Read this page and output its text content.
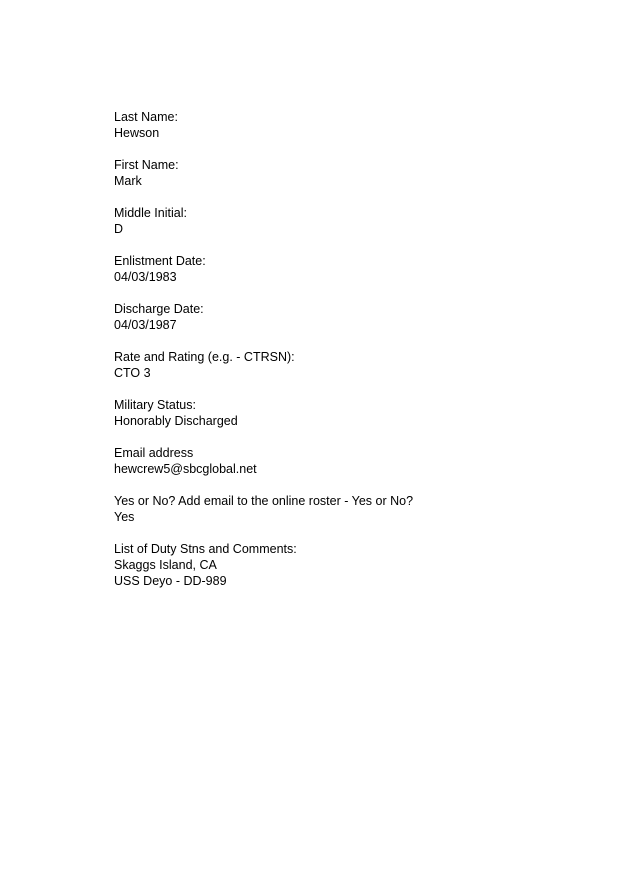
Last Name:
Hewson
First Name:
Mark
Middle Initial:
D
Enlistment Date:
04/03/1983
Discharge Date:
04/03/1987
Rate and Rating (e.g. - CTRSN):
CTO 3
Military Status:
Honorably Discharged
Email address
hewcrew5@sbcglobal.net
Yes or No? Add email to the online roster - Yes or No?
Yes
List of Duty Stns and Comments:
Skaggs Island, CA
USS Deyo - DD-989
